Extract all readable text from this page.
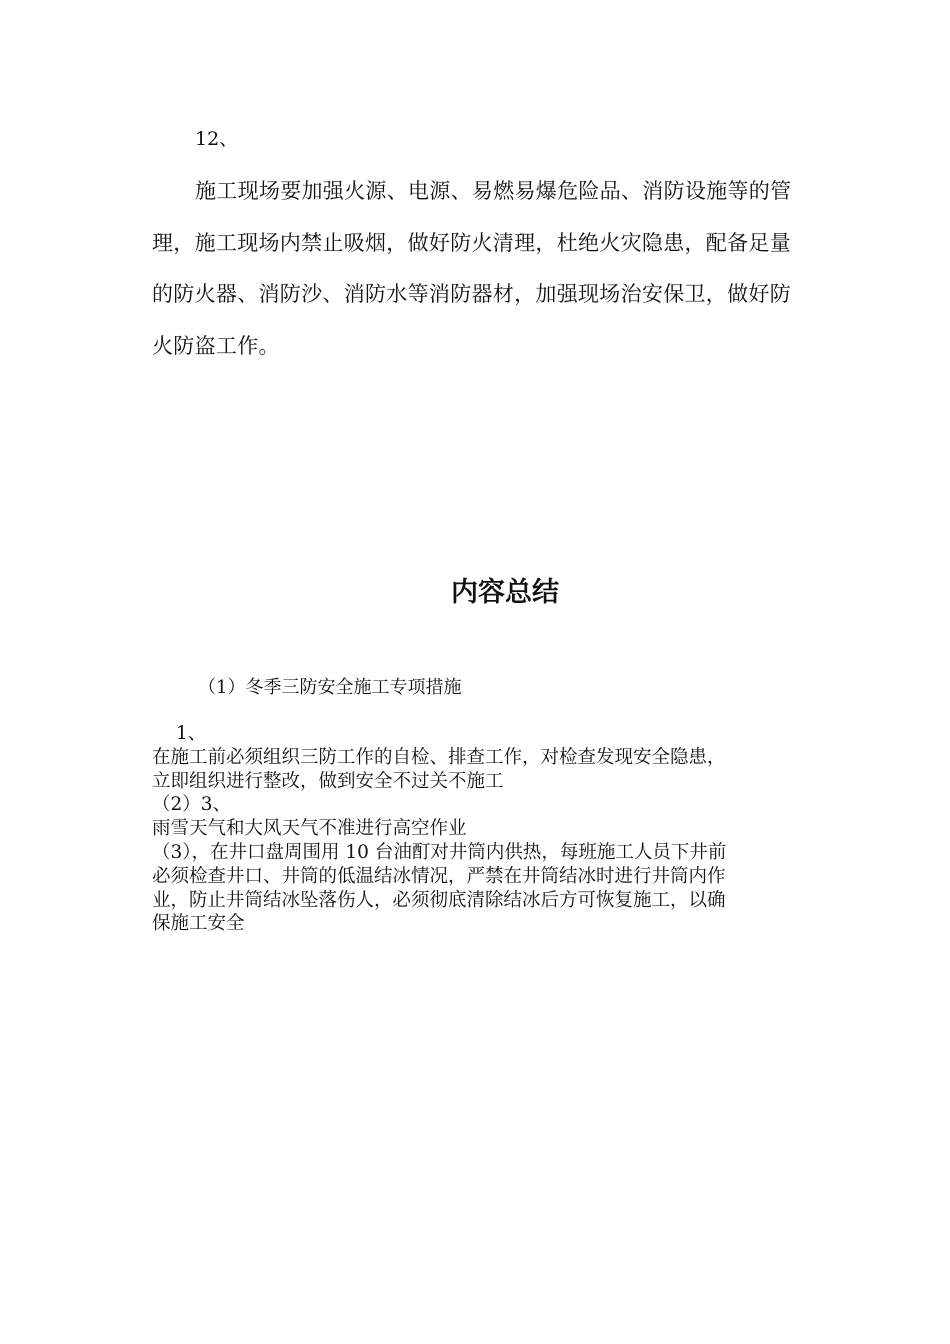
12、

施工现场要加强火源、电源、易燃易爆危险品、消防设施等的管理，施工现场内禁止吸烟，做好防火清理，杜绝火灾隐患，配备足量的防火器、消防沙、消防水等消防器材，加强现场治安保卫，做好防火防盗工作。

内容总结

（1）冬季三防安全施工专项措施

1、
在施工前必须组织三防工作的自检、排查工作，对检查发现安全隐患，
立即组织进行整改，做到安全不过关不施工
（2）3、
雨雪天气和大风天气不准进行高空作业
（3），在井口盘周围用 10 台油酊对井筒内供热，每班施工人员下井前
必须检查井口、井筒的低温结冰情况，严禁在井筒结冰时进行井筒内作
业，防止井筒结冰坠落伤人，必须彻底清除结冰后方可恢复施工，以确
保施工安全
